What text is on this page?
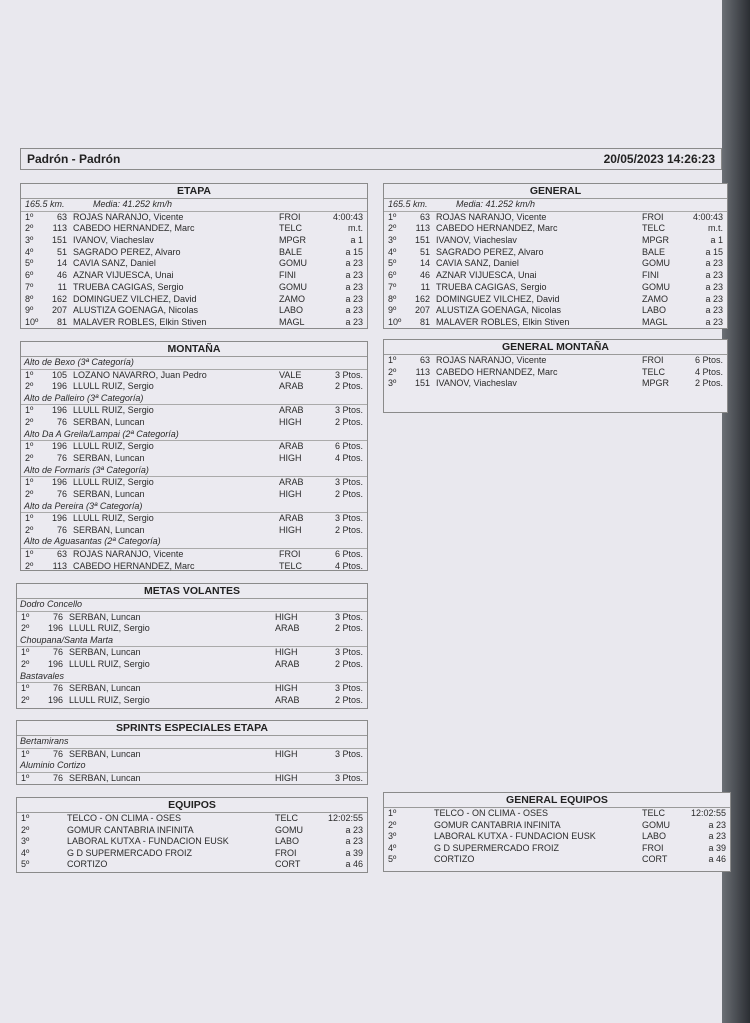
Padrón - Padrón	20/05/2023 14:26:23
ETAPA
165.5 km.	Media: 41.252 km/h
1º	63 ROJAS NARANJO, Vicente	FROI	4:00:43
2º	113 CABEDO HERNANDEZ, Marc	TELC	m.t.
3º	151 IVANOV, Viacheslav	MPGR	a 1
4º	51 SAGRADO PEREZ, Alvaro	BALE	a 15
5º	14 CAVIA SANZ, Daniel	GOMU	a 23
6º	46 AZNAR VIJUESCA, Unai	FINI	a 23
7º	11 TRUEBA CAGIGAS, Sergio	GOMU	a 23
8º	162 DOMINGUEZ VILCHEZ, David	ZAMO	a 23
9º	207 ALUSTIZA GOENAGA, Nicolas	LABO	a 23
10º	81 MALAVER ROBLES, Elkin Stiven	MAGL	a 23
GENERAL
165.5 km.	Media: 41.252 km/h
1º	63 ROJAS NARANJO, Vicente	FROI	4:00:43
2º	113 CABEDO HERNANDEZ, Marc	TELC	m.t.
3º	151 IVANOV, Viacheslav	MPGR	a 1
4º	51 SAGRADO PEREZ, Alvaro	BALE	a 15
5º	14 CAVIA SANZ, Daniel	GOMU	a 23
6º	46 AZNAR VIJUESCA, Unai	FINI	a 23
7º	11 TRUEBA CAGIGAS, Sergio	GOMU	a 23
8º	162 DOMINGUEZ VILCHEZ, David	ZAMO	a 23
9º	207 ALUSTIZA GOENAGA, Nicolas	LABO	a 23
10º	81 MALAVER ROBLES, Elkin Stiven	MAGL	a 23
MONTAÑA
Alto de Bexo (3ª Categoría)
1º	105 LOZANO NAVARRO, Juan Pedro	VALE	3 Ptos.
2º	196 LLULL RUIZ, Sergio	ARAB	2 Ptos.
Alto de Palleiro (3ª Categoría)
1º	196 LLULL RUIZ, Sergio	ARAB	3 Ptos.
2º	76 SERBAN, Luncan	HIGH	2 Ptos.
Alto Da A Greila/Lampai (2ª Categoría)
1º	196 LLULL RUIZ, Sergio	ARAB	6 Ptos.
2º	76 SERBAN, Luncan	HIGH	4 Ptos.
Alto de Formaris (3ª Categoría)
1º	196 LLULL RUIZ, Sergio	ARAB	3 Ptos.
2º	76 SERBAN, Luncan	HIGH	2 Ptos.
Alto da Pereira (3ª Categoría)
1º	196 LLULL RUIZ, Sergio	ARAB	3 Ptos.
2º	76 SERBAN, Luncan	HIGH	2 Ptos.
Alto de Aguasantas (2ª Categoría)
1º	63 ROJAS NARANJO, Vicente	FROI	6 Ptos.
2º	113 CABEDO HERNANDEZ, Marc	TELC	4 Ptos.
GENERAL MONTAÑA
1º	63 ROJAS NARANJO, Vicente	FROI	6 Ptos.
2º	113 CABEDO HERNANDEZ, Marc	TELC	4 Ptos.
3º	151 IVANOV, Viacheslav	MPGR	2 Ptos.
METAS VOLANTES
Dodro Concello
1º	76 SERBAN, Luncan	HIGH	3 Ptos.
2º	196 LLULL RUIZ, Sergio	ARAB	2 Ptos.
Choupana/Santa Marta
1º	76 SERBAN, Luncan	HIGH	3 Ptos.
2º	196 LLULL RUIZ, Sergio	ARAB	2 Ptos.
Bastavales
1º	76 SERBAN, Luncan	HIGH	3 Ptos.
2º	196 LLULL RUIZ, Sergio	ARAB	2 Ptos.
SPRINTS ESPECIALES ETAPA
Bertamirans
1º	76 SERBAN, Luncan	HIGH	3 Ptos.
Aluminio Cortizo
1º	76 SERBAN, Luncan	HIGH	3 Ptos.
EQUIPOS
1º	TELCO - ON CLIMA - OSES	TELC	12:02:55
2º	GOMUR CANTABRIA INFINITA	GOMU	a 23
3º	LABORAL KUTXA - FUNDACION EUSK	LABO	a 23
4º	G D SUPERMERCADO FROIZ	FROI	a 39
5º	CORTIZO	CORT	a 46
GENERAL EQUIPOS
1º	TELCO - ON CLIMA - OSES	TELC	12:02:55
2º	GOMUR CANTABRIA INFINITA	GOMU	a 23
3º	LABORAL KUTXA - FUNDACION EUSK	LABO	a 23
4º	G D SUPERMERCADO FROIZ	FROI	a 39
5º	CORTIZO	CORT	a 46
